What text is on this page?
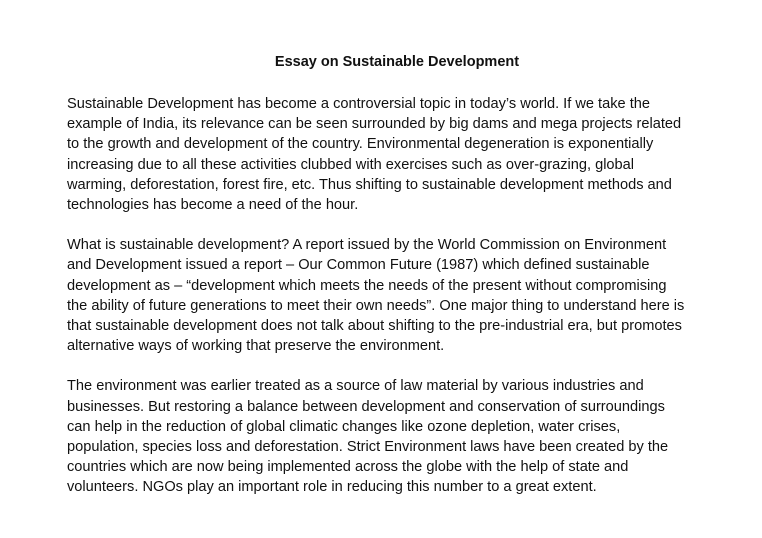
Essay on Sustainable Development

Sustainable Development has become a controversial topic in today’s world. If we take the
example of India, its relevance can be seen surrounded by big dams and mega projects related
to the growth and development of the country. Environmental degeneration is exponentially
increasing due to all these activities clubbed with exercises such as over-grazing, global
warming, deforestation, forest fire, etc. Thus shifting to sustainable development methods and
technologies has become a need of the hour.

What is sustainable development? A report issued by the World Commission on Environment
and Development issued a report – Our Common Future (1987) which defined sustainable
development as – “development which meets the needs of the present without compromising
the ability of future generations to meet their own needs”. One major thing to understand here is
that sustainable development does not talk about shifting to the pre-industrial era, but promotes
alternative ways of working that preserve the environment.

The environment was earlier treated as a source of law material by various industries and
businesses. But restoring a balance between development and conservation of surroundings
can help in the reduction of global climatic changes like ozone depletion, water crises,
population, species loss and deforestation. Strict Environment laws have been created by the
countries which are now being implemented across the globe with the help of state and
volunteers. NGOs play an important role in reducing this number to a great extent.
